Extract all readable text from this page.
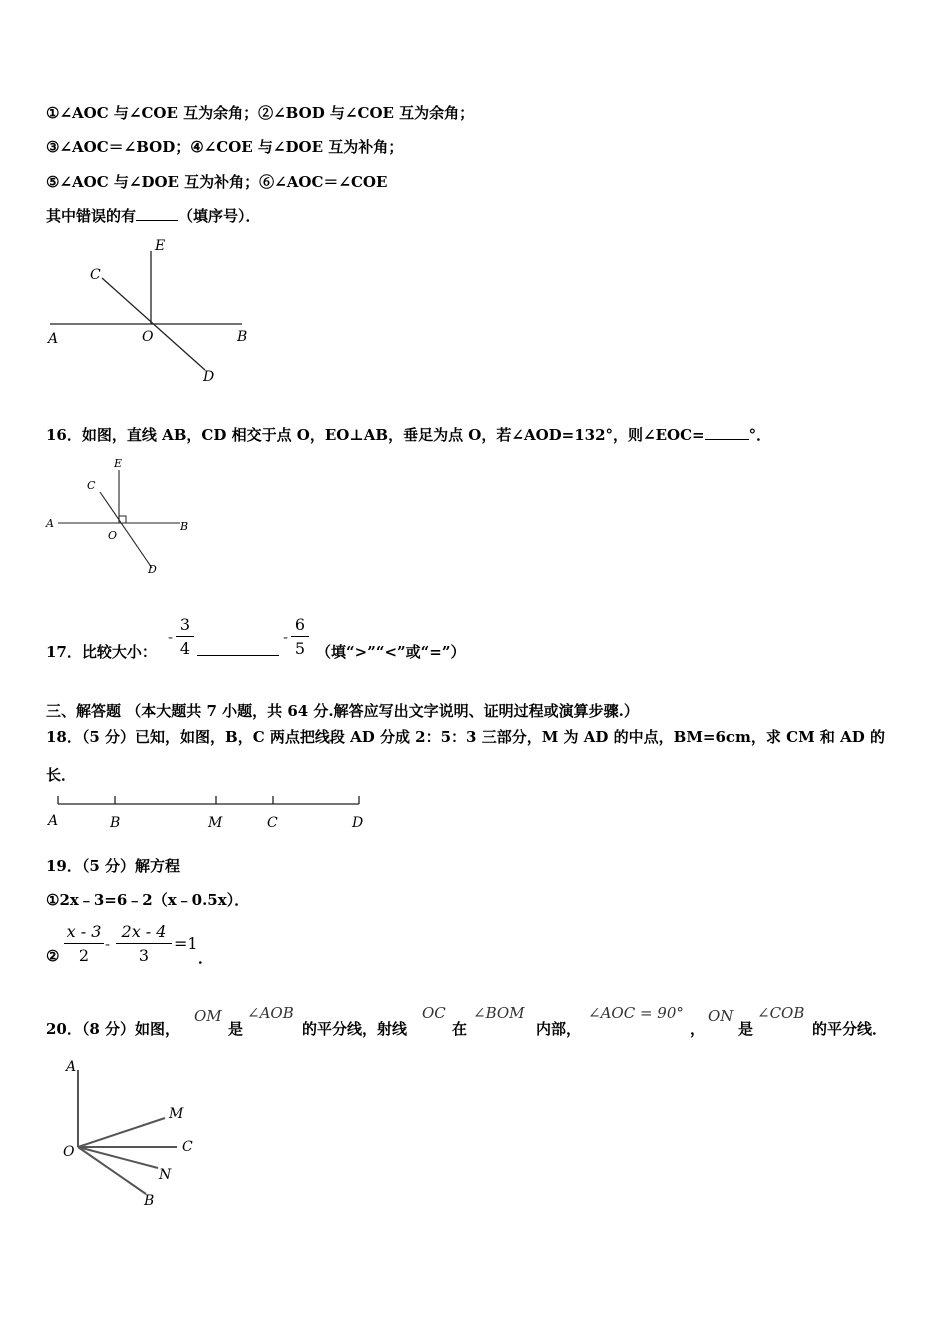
①∠AOC 与∠COE 互为余角；②∠BOD 与∠COE 互为余角；
③∠AOC＝∠BOD；④∠COE 与∠DOE 互为补角；
⑤∠AOC 与∠DOE 互为补角；⑥∠AOC＝∠COE
其中错误的有	（填序号）．
E
C
A	O	B
D
16．如图，直线 AB，CD 相交于点 O，EO⊥AB，垂足为点 O，若∠AOD=132°，则∠EOC=	°．
E
C
A
O
B
D
17．比较大小：
-
3
4
-
6
5 （填“>”“<”或“=”）
三、解答题 （本大题共 7 小题，共 64 分.解答应写出文字说明、证明过程或演算步骤.）
18．（5 分）已知，如图，B，C 两点把线段 AD 分成 2：5：3 三部分，M 为 AD 的中点，BM=6cm，求 CM 和 AD 的
长．
A	B	M	C	D
19．（5 分）解方程
①2x﹣3=6﹣2（x﹣0.5x）．
②
x - 3
2
-
2x - 4
3
=1
．
20．（8 分）如图，
OM
是
∠AOB
的平分线，射线
OC
在
∠BOM
内部，
∠AOC = 90°
，
ON
是
∠COB
的平分线．
A
M
C
O
N
B
